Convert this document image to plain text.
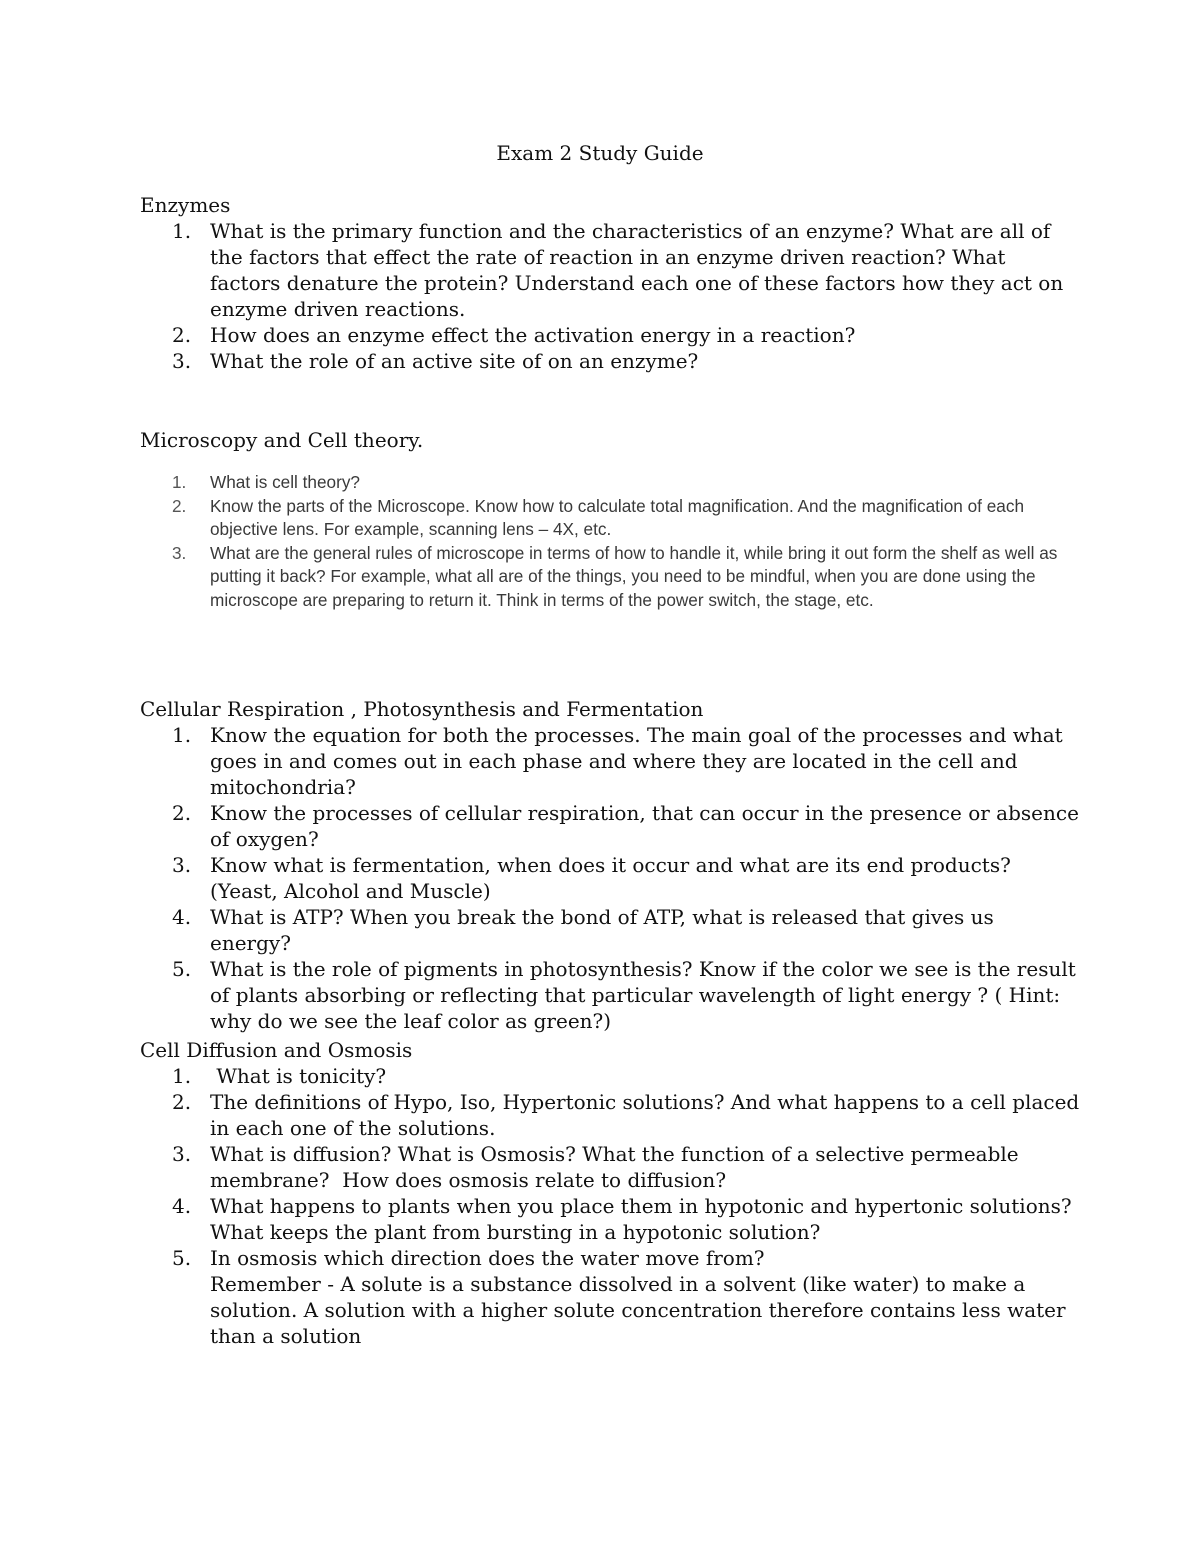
Exam 2 Study Guide
Enzymes
1. What is the primary function and the characteristics of an enzyme? What are all of the factors that effect the rate of reaction in an enzyme driven reaction? What factors denature the protein? Understand each one of these factors how they act on enzyme driven reactions.
2. How does an enzyme effect the activation energy in a reaction?
3. What the role of an active site of on an enzyme?
Microscopy and Cell theory.
1. What is cell theory?
2. Know the parts of the Microscope. Know how to calculate total magnification. And the magnification of each objective lens. For example, scanning lens – 4X, etc.
3. What are the general rules of microscope in terms of how to handle it, while bring it out form the shelf as well as putting it back? For example, what all are of the things, you need to be mindful, when you are done using the microscope are preparing to return it. Think in terms of the power switch, the stage, etc.
Cellular Respiration , Photosynthesis and Fermentation
1. Know the equation for both the processes. The main goal of the processes and what goes in and comes out in each phase and where they are located in the cell and mitochondria?
2. Know the processes of cellular respiration, that can occur in the presence or absence of oxygen?
3. Know what is fermentation, when does it occur and what are its end products? (Yeast, Alcohol and Muscle)
4. What is ATP? When you break the bond of ATP, what is released that gives us energy?
5. What is the role of pigments in photosynthesis? Know if the color we see is the result of plants absorbing or reflecting that particular wavelength of light energy ? ( Hint: why do we see the leaf color as green?)
Cell Diffusion and Osmosis
1. What is tonicity?
2. The definitions of Hypo, Iso, Hypertonic solutions? And what happens to a cell placed in each one of the solutions.
3. What is diffusion? What is Osmosis? What the function of a selective permeable membrane?  How does osmosis relate to diffusion?
4. What happens to plants when you place them in hypotonic and hypertonic solutions? What keeps the plant from bursting in a hypotonic solution?
5. In osmosis which direction does the water move from?
Remember - A solute is a substance dissolved in a solvent (like water) to make a solution. A solution with a higher solute concentration therefore contains less water than a solution
